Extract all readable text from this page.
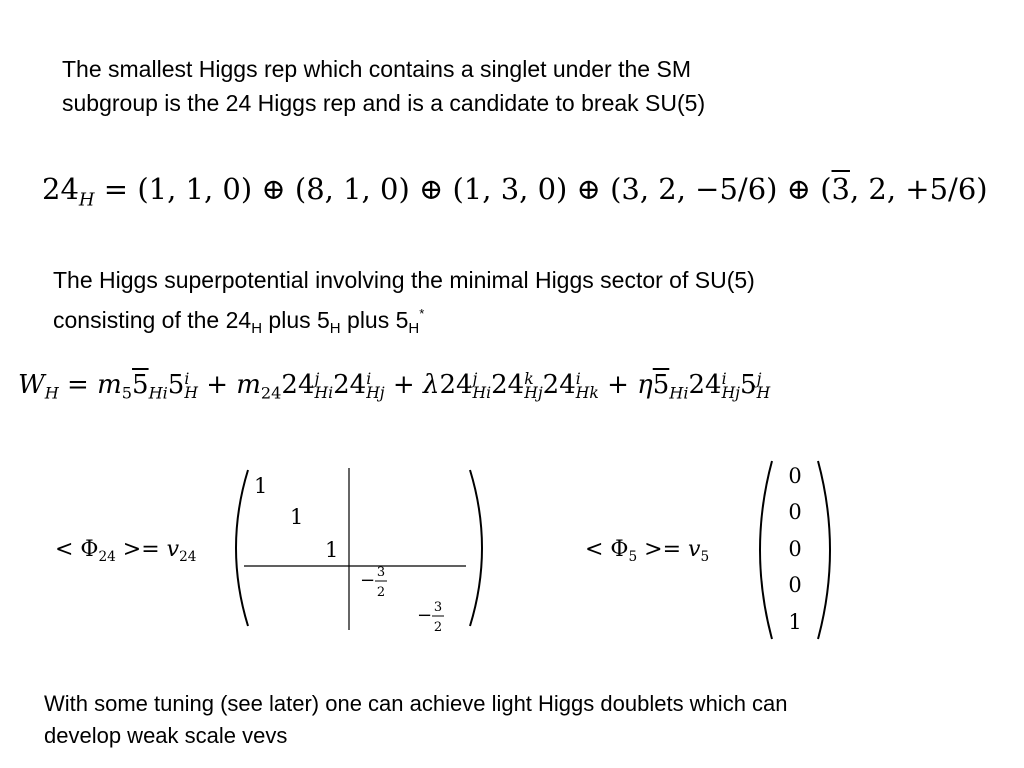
The smallest Higgs rep which contains a singlet under the SM
subgroup is the 24 Higgs rep and is a candidate to break SU(5)
$24_H = (1$, 1, 0) ⊕ (8, 1, 0) ⊕ (1, 3, 0) ⊕ (3, 2, −5/6) ⊕ (3, 2, +5/6)
The Higgs superpotential involving the minimal Higgs sector of SU(5)
consisting of the $24_H$ plus $5_H$ plus $5_H^*$
$W_H = m_55_{Hi}5$ i
$H + m_{24}24$ j
Hi 24 i
Hj + λ24 j
Hi 24 k
Hj 24 i
$Hk + \eta 5_{Hi}24$ i
Hj 5 j
H
< $\Phi_{24} >= v_{24}$
1
1
1
− 3
2
− 3
2
< $\Phi_5 >= v_5$
0
0
0
0
1
With some tuning (see later) one can achieve light Higgs doublets which can
develop weak scale vevs
